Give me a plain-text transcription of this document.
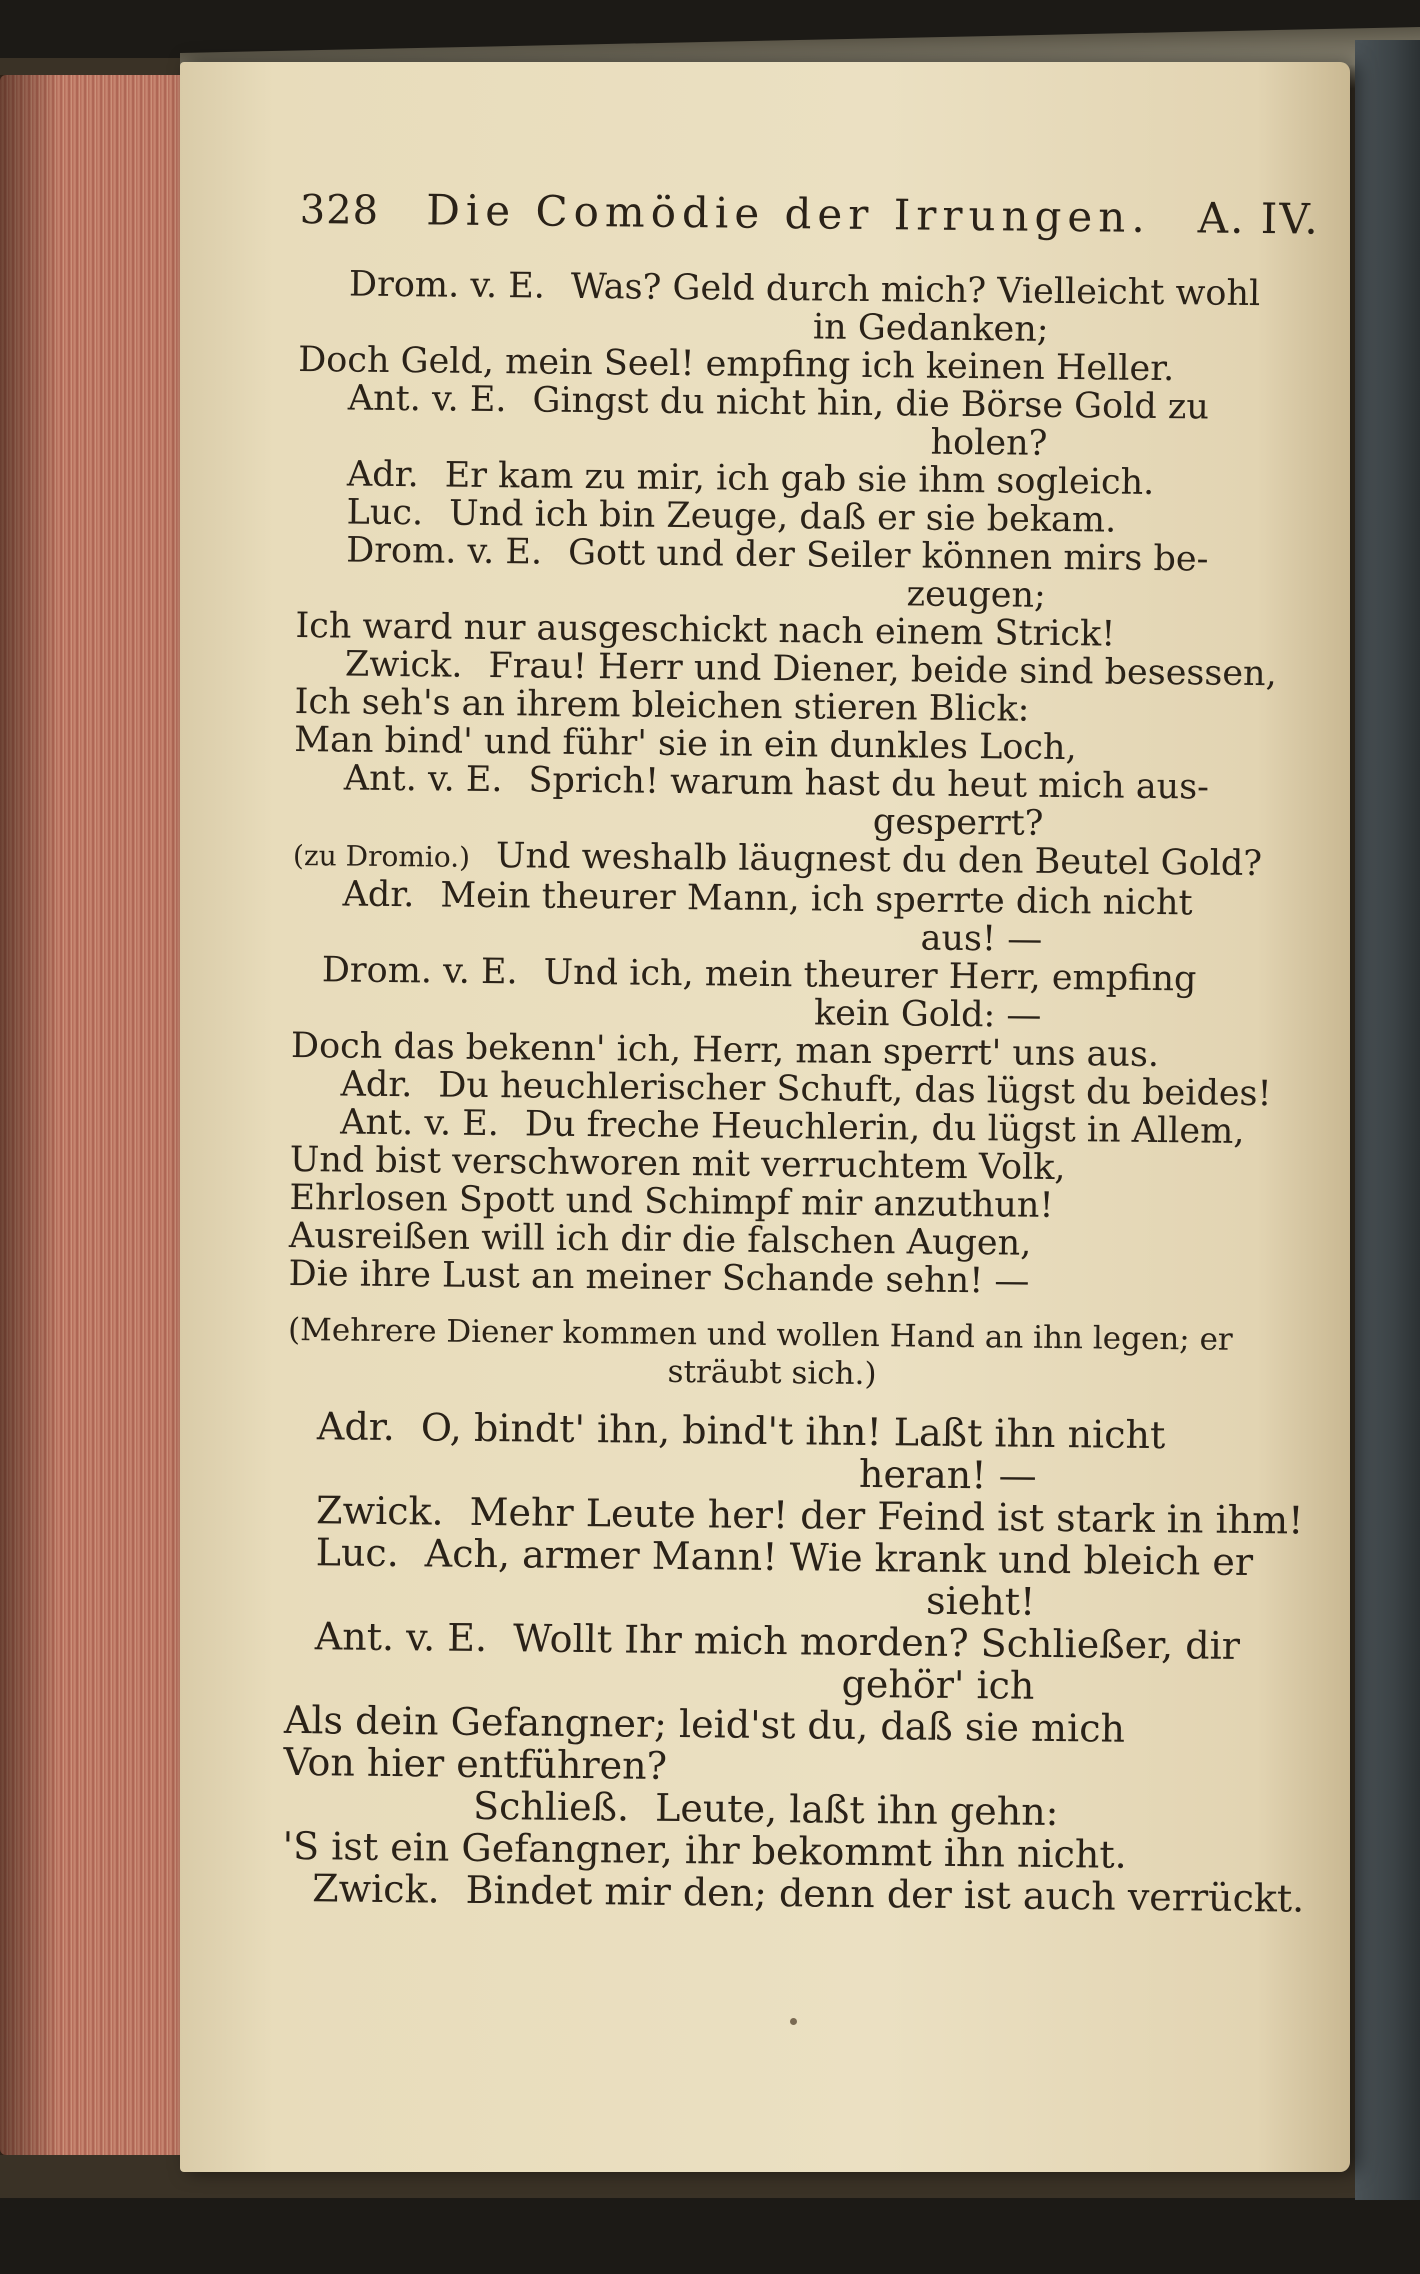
328	Die Comödie der Irrungen.	A. IV.
Drom. v. E. Was? Geld durch mich? Vielleicht wohl
in Gedanken;
Doch Geld, mein Seel! empfing ich keinen Heller.
Ant. v. E. Gingst du nicht hin, die Börse Gold zu
holen?
Adr. Er kam zu mir, ich gab sie ihm sogleich.
Luc. Und ich bin Zeuge, daß er sie bekam.
Drom. v. E. Gott und der Seiler können mirs be-
zeugen;
Ich ward nur ausgeschickt nach einem Strick!
Zwick. Frau! Herr und Diener, beide sind besessen,
Ich seh's an ihrem bleichen stieren Blick:
Man bind' und führ' sie in ein dunkles Loch,
Ant. v. E. Sprich! warum hast du heut mich aus-
gesperrt?
(zu Dromio.) Und weshalb läugnest du den Beutel Gold?
Adr. Mein theurer Mann, ich sperrte dich nicht
aus! —
Drom. v. E. Und ich, mein theurer Herr, empfing
kein Gold: —
Doch das bekenn' ich, Herr, man sperrt' uns aus.
Adr. Du heuchlerischer Schuft, das lügst du beides!
Ant. v. E. Du freche Heuchlerin, du lügst in Allem,
Und bist verschworen mit verruchtem Volk,
Ehrlosen Spott und Schimpf mir anzuthun!
Ausreißen will ich dir die falschen Augen,
Die ihre Lust an meiner Schande sehn! —
(Mehrere Diener kommen und wollen Hand an ihn legen; er
sträubt sich.)
Adr. O, bindt' ihn, bind't ihn! Laßt ihn nicht
heran! —
Zwick. Mehr Leute her! der Feind ist stark in ihm!
Luc. Ach, armer Mann! Wie krank und bleich er
sieht!
Ant. v. E. Wollt Ihr mich morden? Schließer, dir
gehör' ich
Als dein Gefangner; leid'st du, daß sie mich
Von hier entführen?
Schließ. Leute, laßt ihn gehn:
'S ist ein Gefangner, ihr bekommt ihn nicht.
Zwick. Bindet mir den; denn der ist auch verrückt.
